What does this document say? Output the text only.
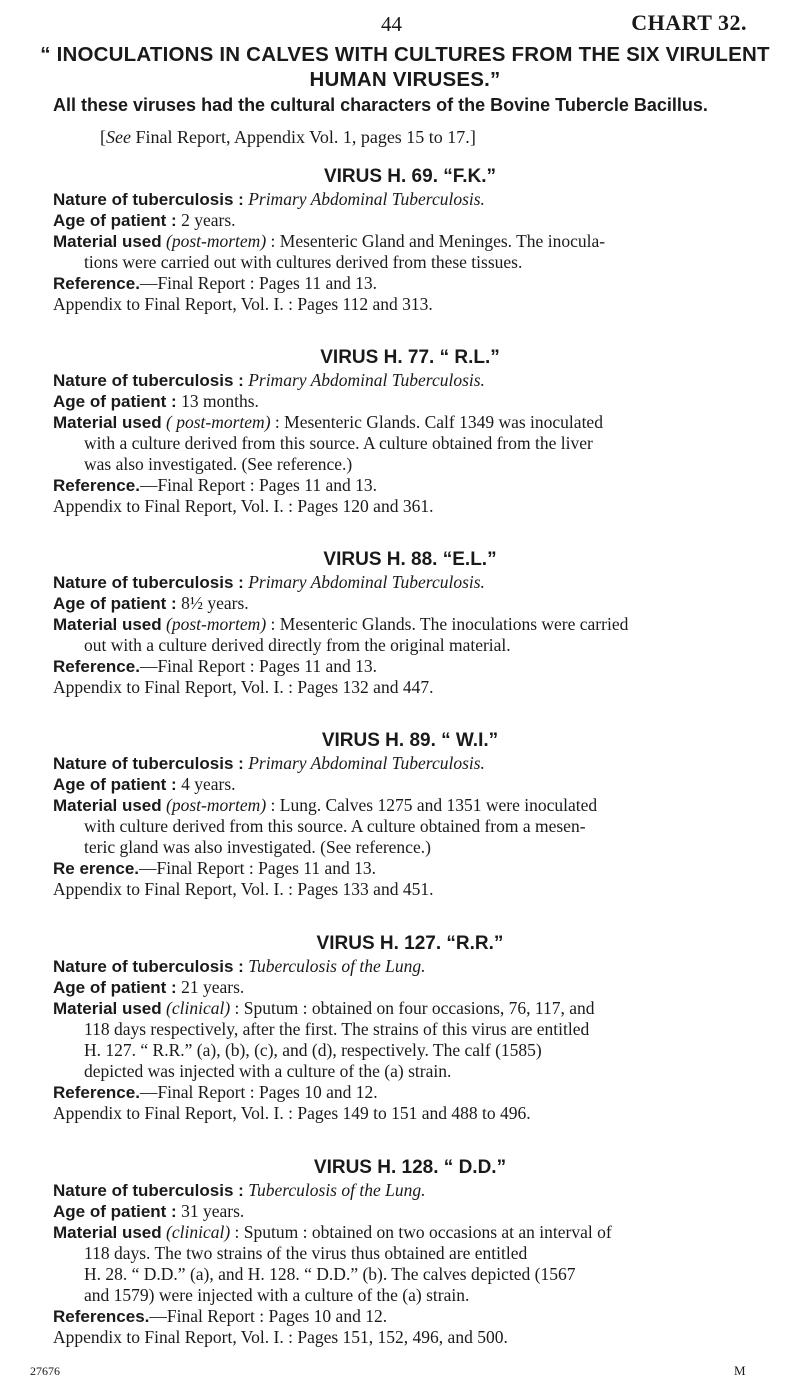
44	CHART 32.
“ INOCULATIONS IN CALVES WITH CULTURES FROM THE SIX VIRULENT HUMAN VIRUSES.”
All these viruses had the cultural characters of the Bovine Tubercle Bacillus.
[See Final Report, Appendix Vol. 1, pages 15 to 17.]
VIRUS H. 69. “F.K.”
Nature of tuberculosis : Primary Abdominal Tuberculosis.
Age of patient : 2 years.
Material used (post-mortem) : Mesenteric Gland and Meninges. The inocula-
tions were carried out with cultures derived from these tissues.
Reference.—Final Report : Pages 11 and 13.
Appendix to Final Report, Vol. I. : Pages 112 and 313.
VIRUS H. 77. “ R.L.”
Nature of tuberculosis : Primary Abdominal Tuberculosis.
Age of patient : 13 months.
Material used ( post-mortem) : Mesenteric Glands. Calf 1349 was inoculated
with a culture derived from this source. A culture obtained from the liver
was also investigated. (See reference.)
Reference.—Final Report : Pages 11 and 13.
Appendix to Final Report, Vol. I. : Pages 120 and 361.
VIRUS H. 88. “E.L.”
Nature of tuberculosis : Primary Abdominal Tuberculosis.
Age of patient : 8½ years.
Material used (post-mortem) : Mesenteric Glands. The inoculations were carried
out with a culture derived directly from the original material.
Reference.—Final Report : Pages 11 and 13.
Appendix to Final Report, Vol. I. : Pages 132 and 447.
VIRUS H. 89. “ W.I.”
Nature of tuberculosis : Primary Abdominal Tuberculosis.
Age of patient : 4 years.
Material used (post-mortem) : Lung. Calves 1275 and 1351 were inoculated
with culture derived from this source. A culture obtained from a mesen-
teric gland was also investigated. (See reference.)
Re erence.—Final Report : Pages 11 and 13.
Appendix to Final Report, Vol. I. : Pages 133 and 451.
VIRUS H. 127. “R.R.”
Nature of tuberculosis : Tuberculosis of the Lung.
Age of patient : 21 years.
Material used (clinical) : Sputum : obtained on four occasions, 76, 117, and
118 days respectively, after the first. The strains of this virus are entitled
H. 127. “ R.R.” (a), (b), (c), and (d), respectively. The calf (1585)
depicted was injected with a culture of the (a) strain.
Reference.—Final Report : Pages 10 and 12.
Appendix to Final Report, Vol. I. : Pages 149 to 151 and 488 to 496.
VIRUS H. 128. “ D.D.”
Nature of tuberculosis : Tuberculosis of the Lung.
Age of patient : 31 years.
Material used (clinical) : Sputum : obtained on two occasions at an interval of
118 days. The two strains of the virus thus obtained are entitled
H. 28. “ D.D.” (a), and H. 128. “ D.D.” (b). The calves depicted (1567
and 1579) were injected with a culture of the (a) strain.
References.—Final Report : Pages 10 and 12.
Appendix to Final Report, Vol. I. : Pages 151, 152, 496, and 500.
27676	M
